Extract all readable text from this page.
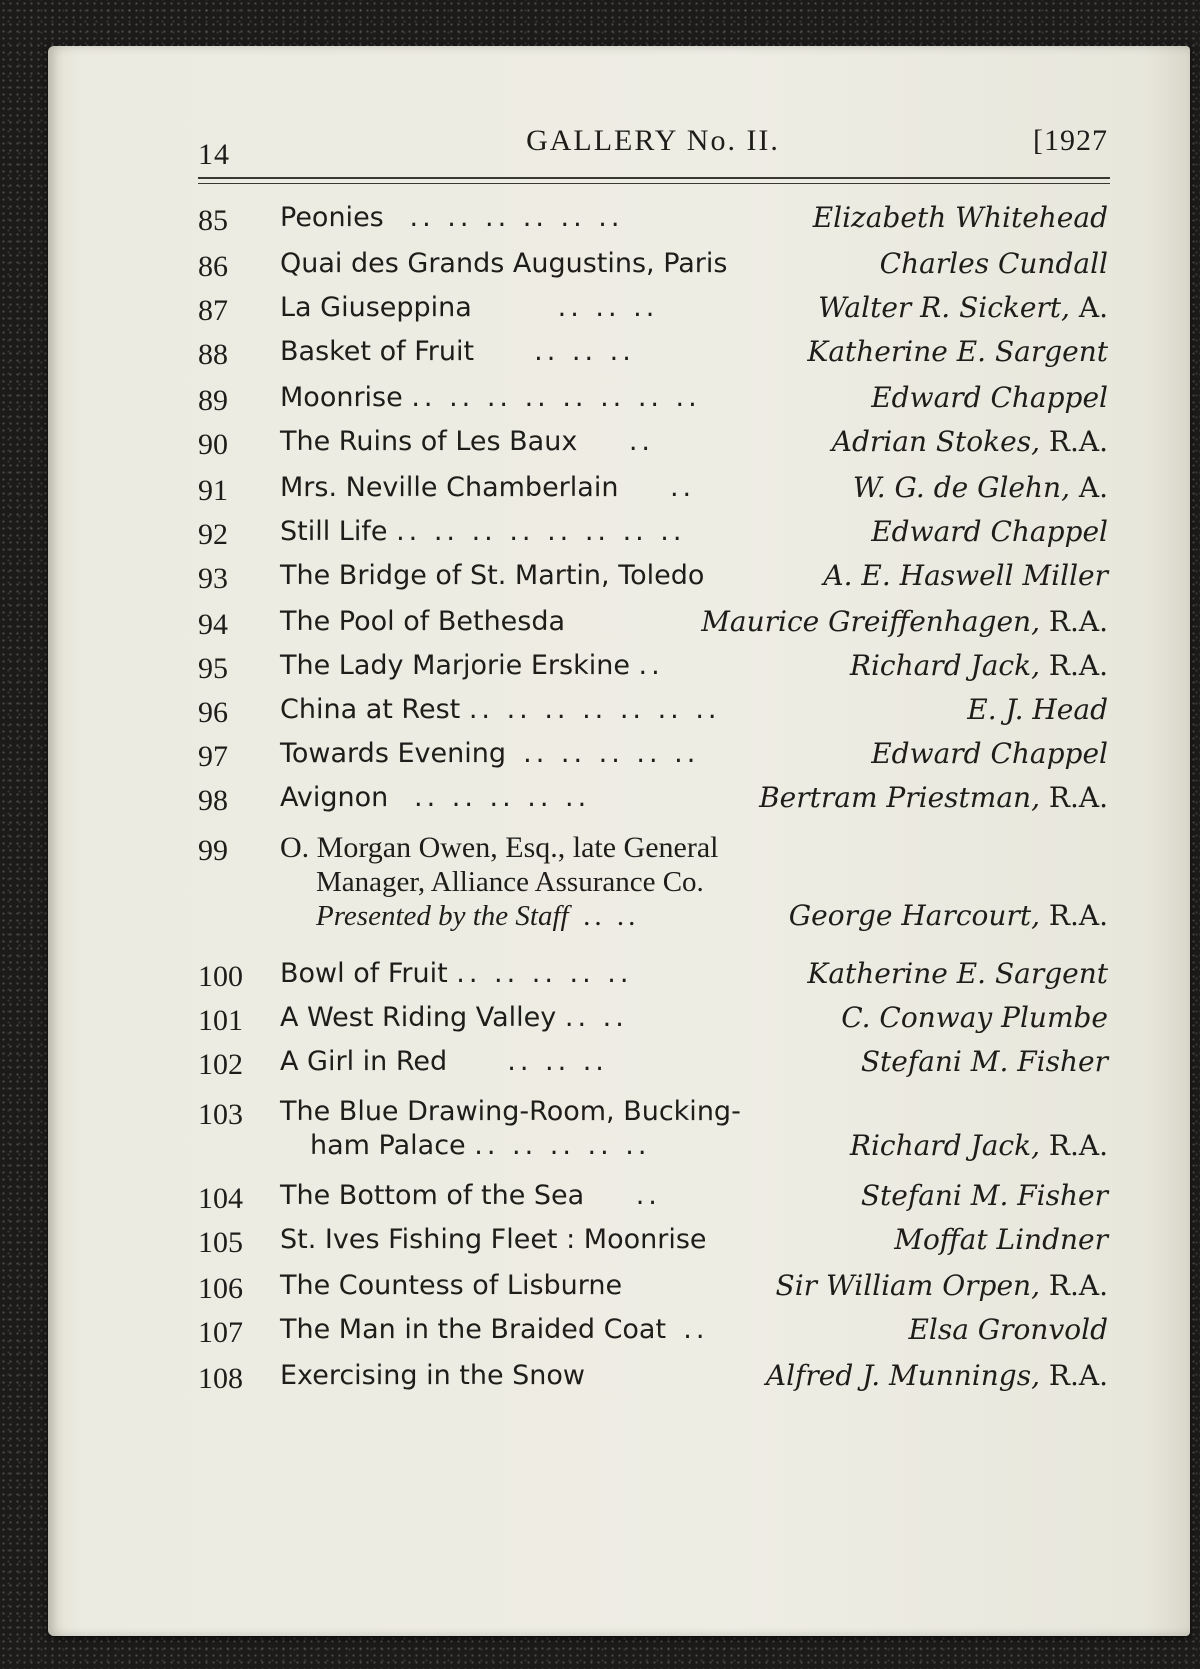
14	GALLERY No. II.	[1927
85	Peonies .. .. .. .. .. ..	Elizabeth Whitehead
86	Quai des Grands Augustins, Paris	Charles Cundall
87	La Giuseppina	.. .. ..	Walter R. Sickert, A.
88	Basket of Fruit .. .. ..	Katherine E. Sargent
89	Moonrise .. .. .. .. .. .. .. ..	Edward Chappel
90	The Ruins of Les Baux ..	Adrian Stokes, R.A.
91	Mrs. Neville Chamberlain ..	W. G. de Glehn, A.
92	Still Life .. .. .. .. .. .. .. ..	Edward Chappel
93	The Bridge of St. Martin, Toledo	A. E. Haswell Miller
94	The Pool of Bethesda	Maurice Greiffenhagen, R.A.
95	The Lady Marjorie Erskine ..	Richard Jack, R.A.
96	China at Rest .. .. .. .. .. .. ..	E. J. Head
97	Towards Evening .. .. .. .. ..	Edward Chappel
98	Avignon .. .. .. .. ..	Bertram Priestman, R.A.
99	O. Morgan Owen, Esq., late General
Manager, Alliance Assurance Co.
Presented by the Staff .. ..	George Harcourt, R.A.
100	Bowl of Fruit .. .. .. .. ..	Katherine E. Sargent
101	A West Riding Valley .. ..	C. Conway Plumbe
102	A Girl in Red .. .. ..	Stefani M. Fisher
103	The Blue Drawing-Room, Bucking-
ham Palace .. .. .. .. ..	Richard Jack, R.A.
104	The Bottom of the Sea ..	Stefani M. Fisher
105	St. Ives Fishing Fleet : Moonrise	Moffat Lindner
106	The Countess of Lisburne	Sir William Orpen, R.A.
107	The Man in the Braided Coat ..	Elsa Gronvold
108	Exercising in the Snow	Alfred J. Munnings, R.A.
